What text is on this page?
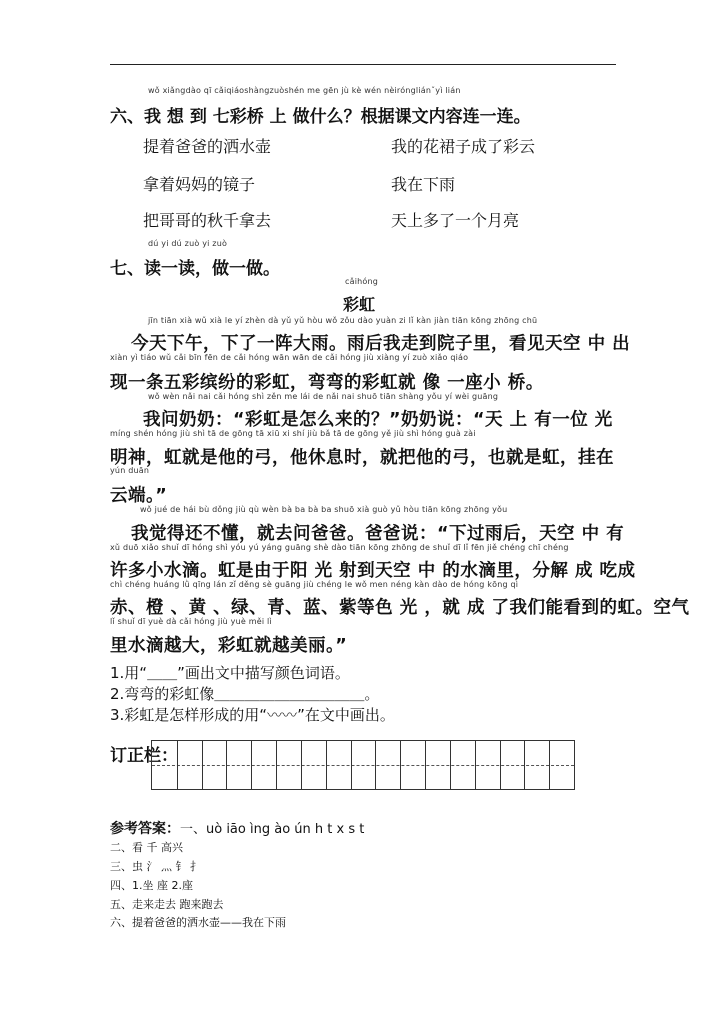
wǒ xiǎngdào qī cǎiqiáoshàngzuòshén me gēn jù kè wén nèiróngliánˇyì lián
六、我 想 到 七彩桥 上 做什么？根据课文内容连一连。
提着爸爸的洒水壶
拿着妈妈的镜子
把哥哥的秋千拿去
我的花裙子成了彩云
我在下雨
天上多了一个月亮
dú yi dú zuò yi zuò
七、读一读，做一做。
cǎihóng
彩虹
jīn tiān xià wǔ xià le yí zhèn dà yǔ yǔ hòu wǒ zǒu dào yuàn zi lǐ kàn jiàn tiān kōng zhōng chū
今天下午，下了一阵大雨。雨后我走到院子里，看见天空 中 出
xiàn yì tiáo wǔ cǎi bīn fēn de cǎi hóng wān wān de cǎi hóng jiù xiàng yí zuò xiǎo qiáo
现一条五彩缤纷的彩虹，弯弯的彩虹就 像 一座小 桥。
wǒ wèn nǎi nai cǎi hóng shì zěn me lái de nǎi nai shuō tiān shàng yǒu yí wèi guāng
我问奶奶：“彩虹是怎么来的？”奶奶说：“天 上 有一位 光
míng shén hóng jiù shì tā de gōng tā xiū xi shí jiù bǎ tā de gōng yě jiù shì hóng guà zài
明神，虹就是他的弓，他休息时，就把他的弓，也就是虹，挂在
yún duān
云端。”
wǒ jué de hái bù dǒng jiù qù wèn bà ba bà ba shuō xià guò yǔ hòu tiān kōng zhōng yǒu
我觉得还不懂，就去问爸爸。爸爸说：“下过雨后，天空 中 有
xǔ duō xiǎo shuǐ dī hóng shì yóu yú yáng guāng shè dào tiān kōng zhōng de shuǐ dī lǐ fēn jiě chéng chī chéng
许多小水滴。虹是由于阳 光 射到天空 中 的水滴里，分解 成 吃成
chì chéng huáng lǜ qīng lán zǐ děng sè guāng jiù chéng le wǒ men néng kàn dào de hóng kōng qì
赤、橙 、黄 、绿、青、蓝、紫等色 光 ，就 成 了我们能看到的虹。空气
lǐ shuǐ dī yuè dà cǎi hóng jiù yuè měi lì
里水滴越大，彩虹就越美丽。”
1.用“＿＿”画出文中描写颜色词语。
2.弯弯的彩虹像＿＿＿＿＿＿＿＿＿＿。
3.彩虹是怎样形成的用“〰〰”在文中画出。
订正栏：
参考答案：一、uò iāo ìng ào ún h t x s t
二、看 千 高兴
三、虫 氵 灬 钅 扌
四、1.坐 座 2.座
五、走来走去 跑来跑去
六、提着爸爸的洒水壶——我在下雨
